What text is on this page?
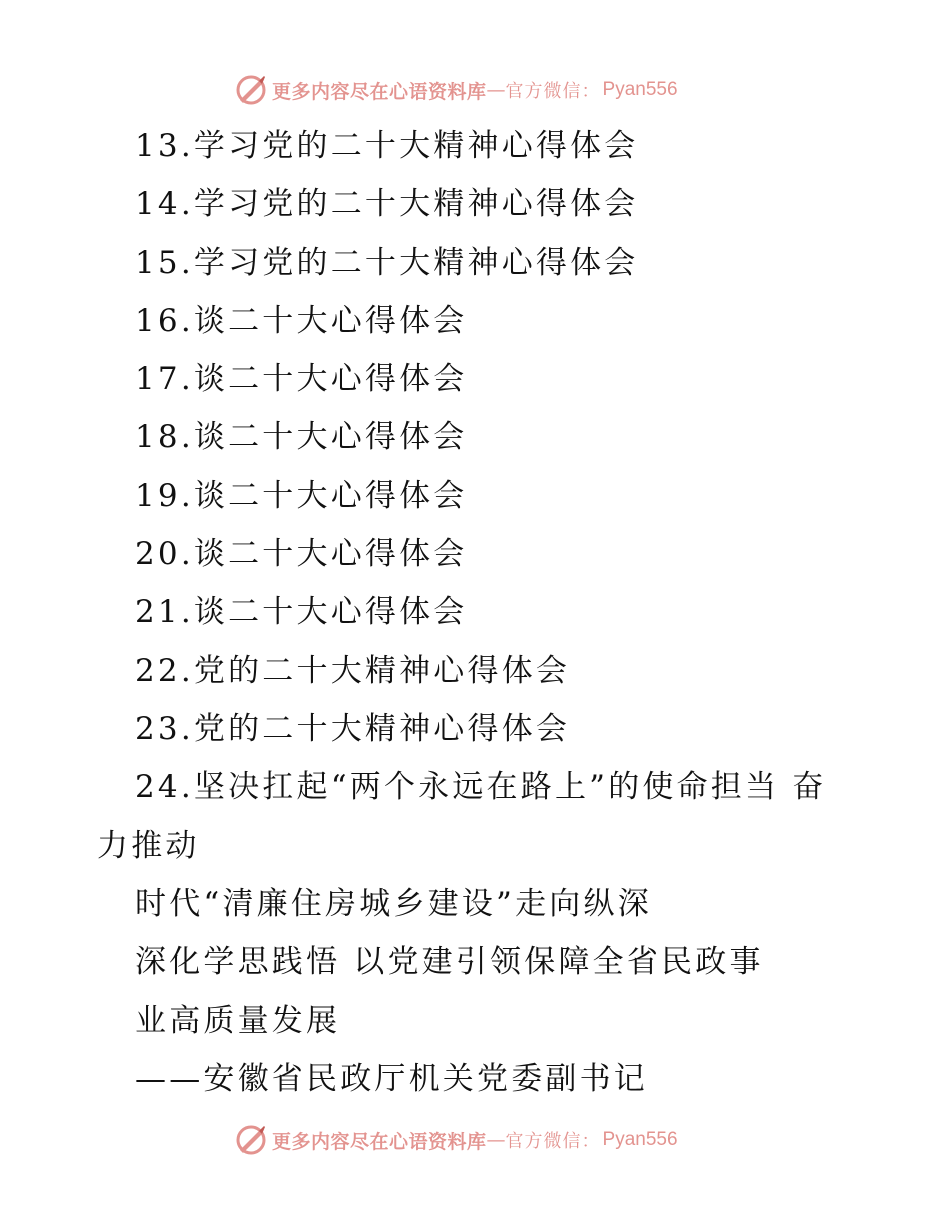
更多内容尽在心语资料库 — 官方微信： Pyan556
13.学习党的二十大精神心得体会
14.学习党的二十大精神心得体会
15.学习党的二十大精神心得体会
16.谈二十大心得体会
17.谈二十大心得体会
18.谈二十大心得体会
19.谈二十大心得体会
20.谈二十大心得体会
21.谈二十大心得体会
22.党的二十大精神心得体会
23.党的二十大精神心得体会
24.坚决扛起“两个永远在路上”的使命担当 奋
力推动
时代“清廉住房城乡建设”走向纵深
深化学思践悟 以党建引领保障全省民政事
业高质量发展
——安徽省民政厅机关党委副书记
更多内容尽在心语资料库 — 官方微信： Pyan556
